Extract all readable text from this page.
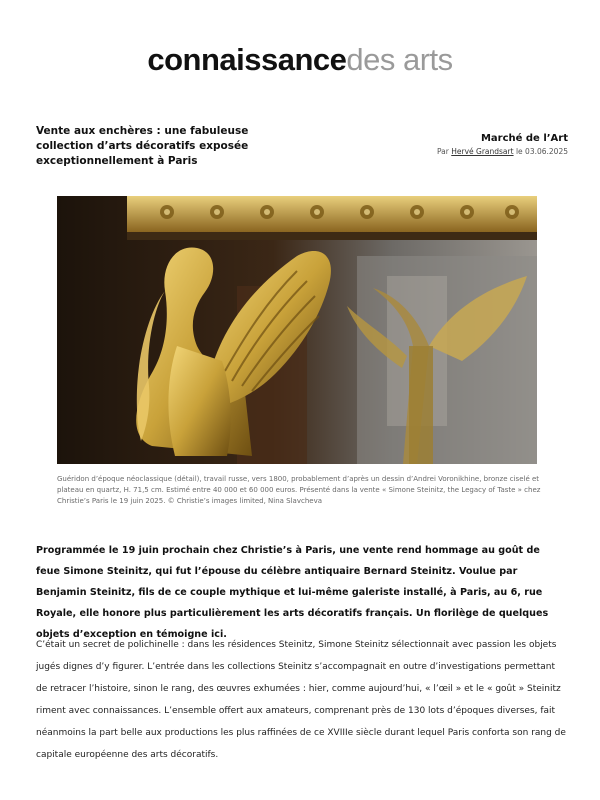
connaissancedes arts
Vente aux enchères : une fabuleuse collection d’arts décoratifs exposée exceptionnellement à Paris
Marché de l’Art
Par Hervé Grandsart le 03.06.2025

Guéridon d’époque néoclassique (détail), travail russe, vers 1800, probablement d’après un dessin d’Andrei Voronikhine, bronze ciselé et plateau en quartz, H. 71,5 cm. Estimé entre 40 000 et 60 000 euros. Présenté dans la vente « Simone Steinitz, the Legacy of Taste » chez Christie’s Paris le 19 juin 2025. © Christie’s images limited, Nina Slavcheva

Programmée le 19 juin prochain chez Christie’s à Paris, une vente rend hommage au goût de feue Simone Steinitz, qui fut l’épouse du célèbre antiquaire Bernard Steinitz. Voulue par Benjamin Steinitz, fils de ce couple mythique et lui-même galeriste installé, à Paris, au 6, rue Royale, elle honore plus particulièrement les arts décoratifs français. Un florilège de quelques objets d’exception en témoigne ici.

C’était un secret de polichinelle : dans les résidences Steinitz, Simone Steinitz sélectionnait avec passion les objets jugés dignes d’y figurer. L’entrée dans les collections Steinitz s’accompagnait en outre d’investigations permettant de retracer l’histoire, sinon le rang, des œuvres exhumées : hier, comme aujourd’hui, « l’œil » et le « goût » Steinitz riment avec connaissances. L’ensemble offert aux amateurs, comprenant près de 130 lots d’époques diverses, fait néanmoins la part belle aux productions les plus raffinées de ce XVIIIe siècle durant lequel Paris conforta son rang de capitale européenne des arts décoratifs.
